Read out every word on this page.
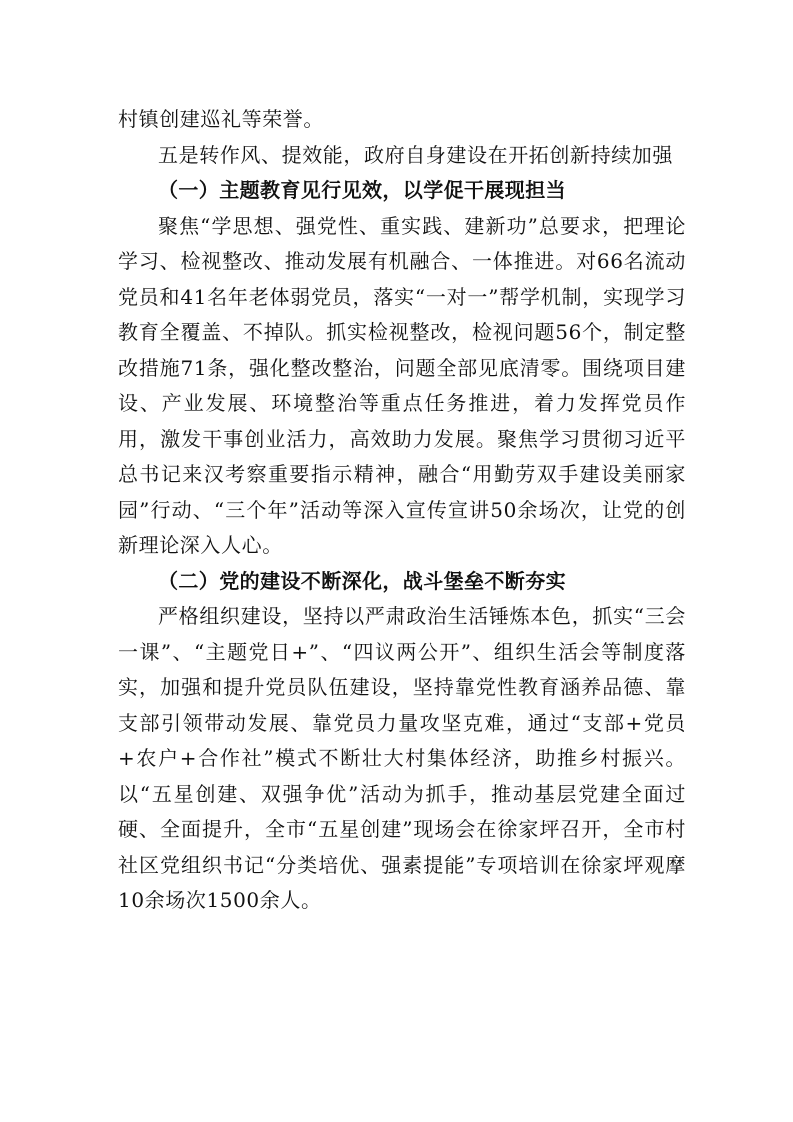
村镇创建巡礼等荣誉。

五是转作风、提效能，政府自身建设在开拓创新持续加强

（一）主题教育见行见效，以学促干展现担当

聚焦“学思想、强党性、重实践、建新功”总要求，把理论学习、检视整改、推动发展有机融合、一体推进。对66名流动党员和41名年老体弱党员，落实“一对一”帮学机制，实现学习教育全覆盖、不掉队。抓实检视整改，检视问题56个，制定整改措施71条，强化整改整治，问题全部见底清零。围绕项目建设、产业发展、环境整治等重点任务推进，着力发挥党员作用，激发干事创业活力，高效助力发展。聚焦学习贯彻习近平总书记来汉考察重要指示精神，融合“用勤劳双手建设美丽家园”行动、“三个年”活动等深入宣传宣讲50余场次，让党的创新理论深入人心。

（二）党的建设不断深化，战斗堡垒不断夯实

严格组织建设，坚持以严肃政治生活锤炼本色，抓实“三会一课”、“主题党日+”、“四议两公开”、组织生活会等制度落实，加强和提升党员队伍建设，坚持靠党性教育涵养品德、靠支部引领带动发展、靠党员力量攻坚克难，通过“支部+党员+农户+合作社”模式不断壮大村集体经济，助推乡村振兴。以“五星创建、双强争优”活动为抓手，推动基层党建全面过硬、全面提升，全市“五星创建”现场会在徐家坪召开，全市村社区党组织书记“分类培优、强素提能”专项培训在徐家坪观摩10余场次1500余人。
